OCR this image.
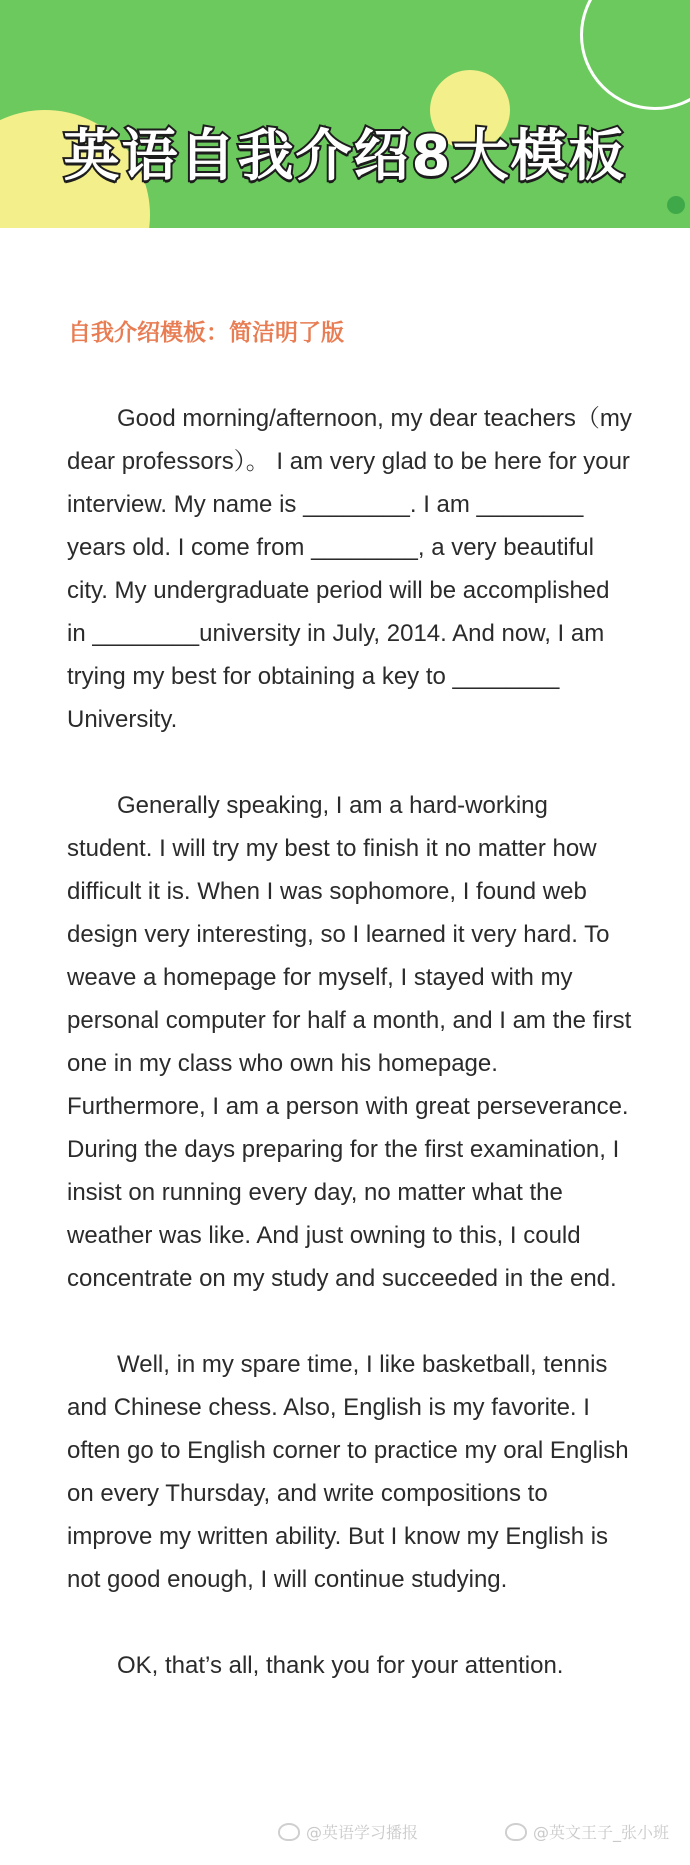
英语自我介绍8大模板
自我介绍模板：简洁明了版

Good morning/afternoon, my dear teachers（my dear professors）。 I am very glad to be here for your interview. My name is ________. I am ________ years old. I come from ________, a very beautiful city. My undergraduate period will be accomplished in ________university in July, 2014. And now, I am trying my best for obtaining a key to ________ University.

Generally speaking, I am a hard-working student. I will try my best to finish it no matter how difficult it is. When I was sophomore, I found web design very interesting, so I learned it very hard. To weave a homepage for myself, I stayed with my personal computer for half a month, and I am the first one in my class who own his homepage. Furthermore, I am a person with great perseverance. During the days preparing for the first examination, I insist on running every day, no matter what the weather was like. And just owning to this, I could concentrate on my study and succeeded in the end.

Well, in my spare time, I like basketball, tennis and Chinese chess. Also, English is my favorite. I often go to English corner to practice my oral English on every Thursday, and write compositions to improve my written ability. But I know my English is not good enough, I will continue studying.

OK, that’s all, thank you for your attention.

@英语学习播报	@英文王子_张小班
